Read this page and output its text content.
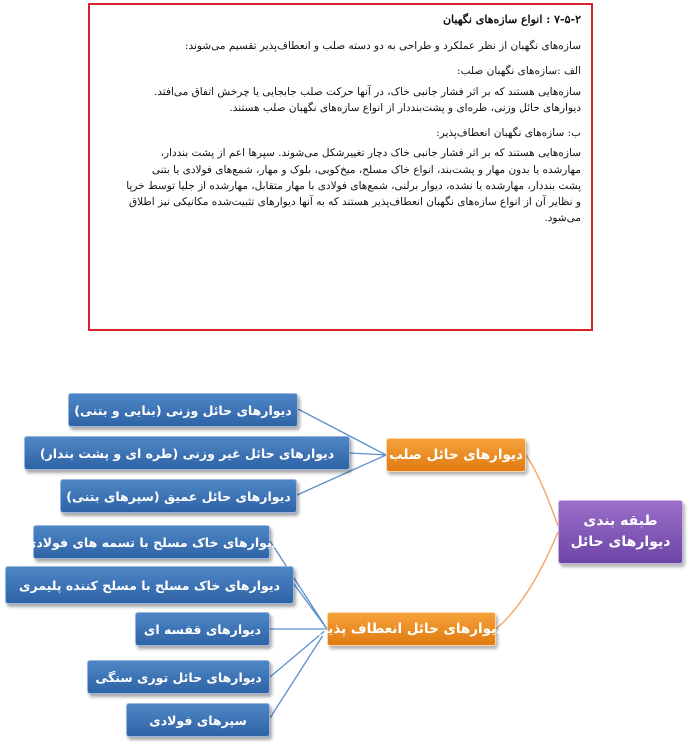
۷-۵-۲ : انواع سازه‌های نگهبان

سازه‌های نگهبان از نظر عملکرد و طراحی به دو دسته صلب و انعطاف‌پذیر تقسیم می‌شوند:

الف :سازه‌های نگهبان صلب:

سازه‌هایی هستند که بر اثر فشار جانبی خاک، در آنها حرکت صلب جابجایی یا چرخش اتفاق می‌افتد.
دیوارهای حائل وزنی، طره‌ای و پشت‌بنددار از انواع سازه‌های نگهبان صلب هستند.
ب: سازه‌های نگهبان انعطاف‌پذیر:
سازه‌هایی هستند که بر اثر فشار جانبی خاک دچار تغییرشکل می‌شوند. سپرها اعم از پشت بنددار،
مهارشده یا بدون مهار و پشت‌بند، انواع خاک مسلح، میخ‌کوبی، بلوک و مهار، شمع‌های فولادی یا بتنی
پشت بنددار، مهارشده یا نشده، دیوار برلنی، شمع‌های فولادی با مهار متقابل، مهارشده از جلیا توسط خرپا
و نظایر آن از انواع سازه‌های نگهبان انعطاف‌پذیر هستند که به آنها دیوارهای تثبیت‌شده مکانیکی نیز اطلاق
می‌شود.
دیوارهای حائل وزنی (بنایی و بتنی)
دیوارهای حائل غیر وزنی (طره ای و پشت بندار)
دیوارهای حائل عمیق (سپرهای بتنی)
دیوارهای حائل صلب
دیوارهای خاک مسلح با تسمه های فولادی
دیوارهای خاک مسلح با مسلح کننده پلیمری
دیوارهای قفسه ای
دیوارهای حائل توری سنگی
سپرهای فولادی
دیوارهای حائل انعطاف پذیر
طبقه بندی دیوارهای حائل
